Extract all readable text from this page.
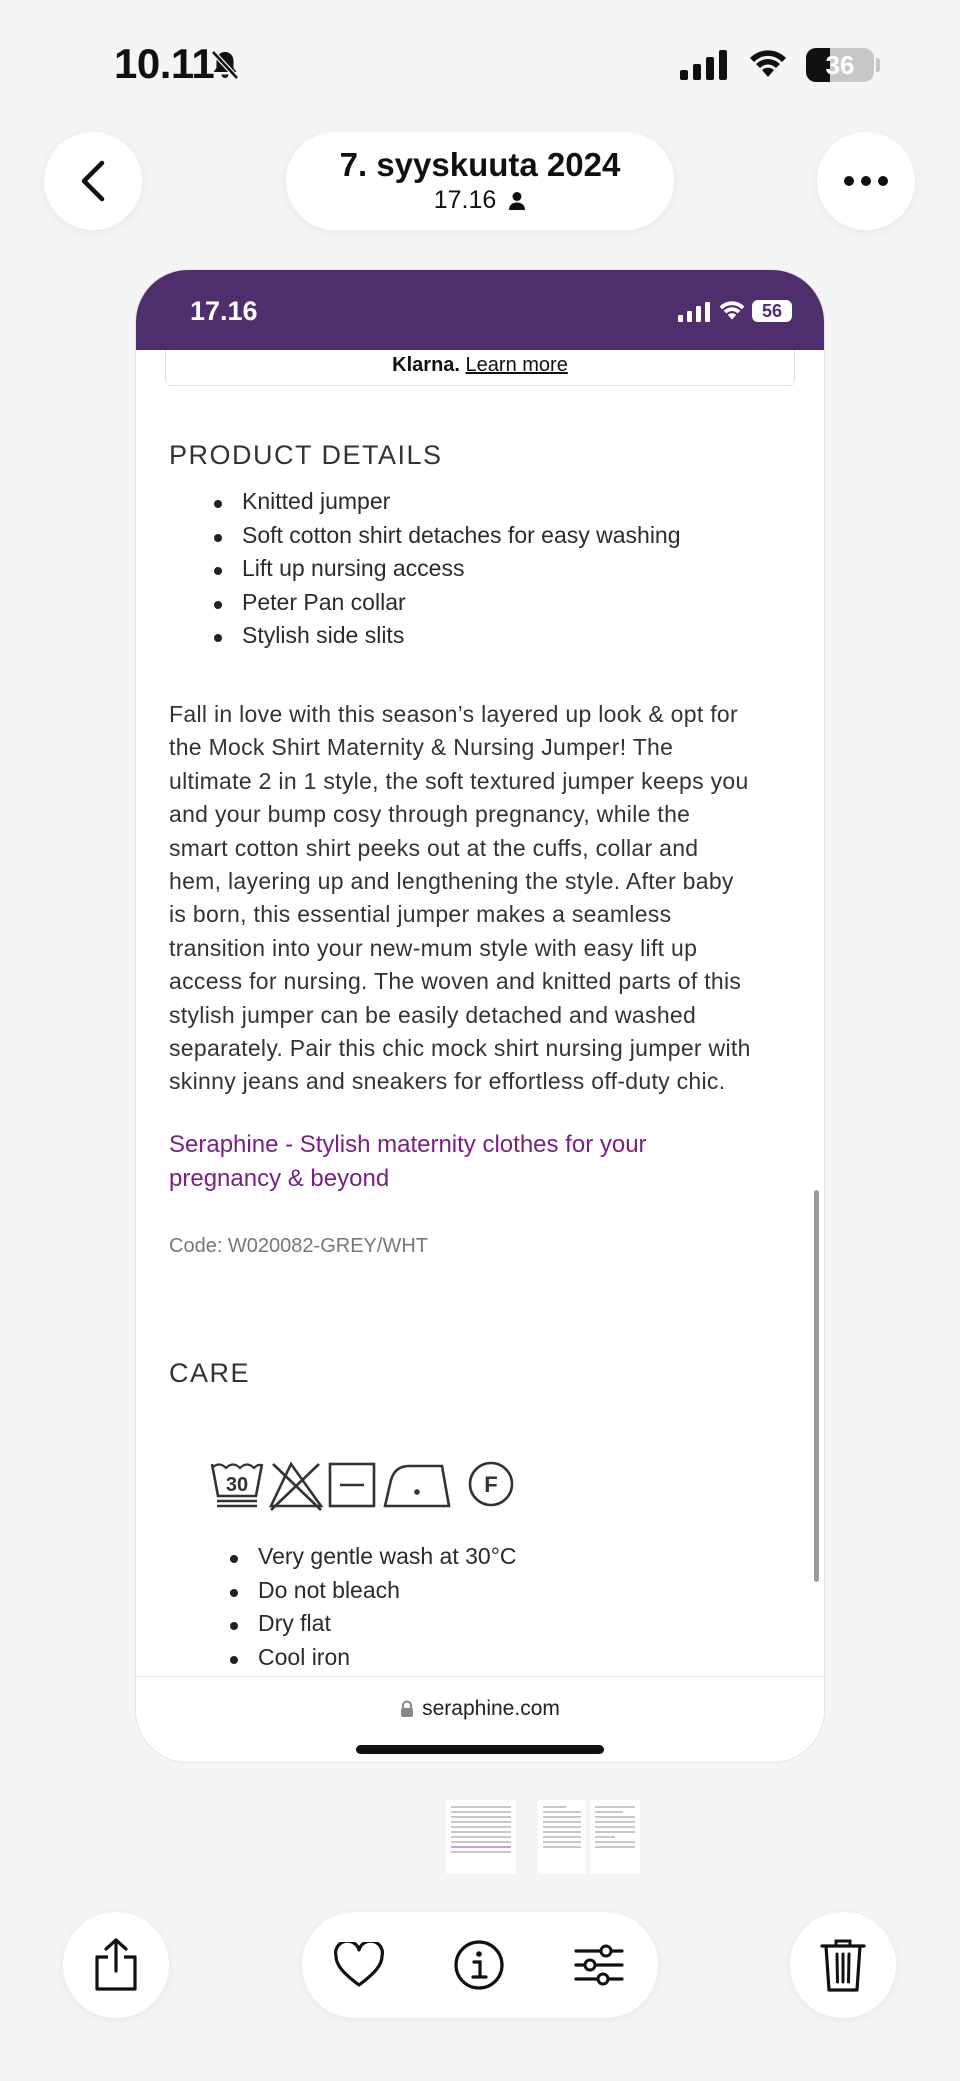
10.11	36
7. syyskuuta 2024
17.16
17.16	56
Klarna. Learn more
PRODUCT DETAILS
Knitted jumper
Soft cotton shirt detaches for easy washing
Lift up nursing access
Peter Pan collar
Stylish side slits
Fall in love with this season’s layered up look & opt for
the Mock Shirt Maternity & Nursing Jumper! The
ultimate 2 in 1 style, the soft textured jumper keeps you
and your bump cosy through pregnancy, while the
smart cotton shirt peeks out at the cuffs, collar and
hem, layering up and lengthening the style. After baby
is born, this essential jumper makes a seamless
transition into your new-mum style with easy lift up
access for nursing. The woven and knitted parts of this
stylish jumper can be easily detached and washed
separately. Pair this chic mock shirt nursing jumper with
skinny jeans and sneakers for effortless off-duty chic.
Seraphine - Stylish maternity clothes for your
pregnancy & beyond
Code: W020082-GREY/WHT
CARE
30	F
Very gentle wash at 30°C
Do not bleach
Dry flat
Cool iron
seraphine.com
